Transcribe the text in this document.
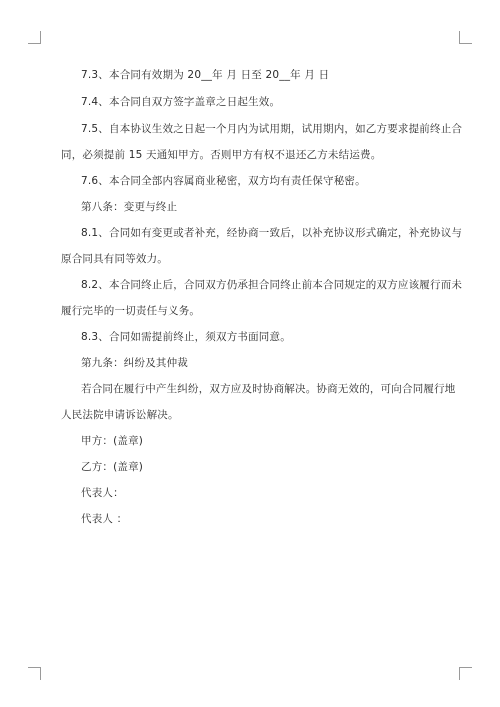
7.3、本合同有效期为 20__年 月 日至 20__年 月 日
7.4、本合同自双方签字盖章之日起生效。
7.5、自本协议生效之日起一个月内为试用期，试用期内，如乙方要求提前终止合
同，必须提前 15 天通知甲方。否则甲方有权不退还乙方未结运费。
7.6、本合同全部内容属商业秘密，双方均有责任保守秘密。
第八条：变更与终止
8.1、合同如有变更或者补充，经协商一致后，以补充协议形式确定，补充协议与
原合同具有同等效力。
8.2、本合同终止后，合同双方仍承担合同终止前本合同规定的双方应该履行而未
履行完毕的一切责任与义务。
8.3、合同如需提前终止，须双方书面同意。
第九条：纠纷及其仲裁
若合同在履行中产生纠纷，双方应及时协商解决。协商无效的，可向合同履行地
人民法院申请诉讼解决。
甲方：(盖章)
乙方：(盖章)
代表人：
代表人 ：
